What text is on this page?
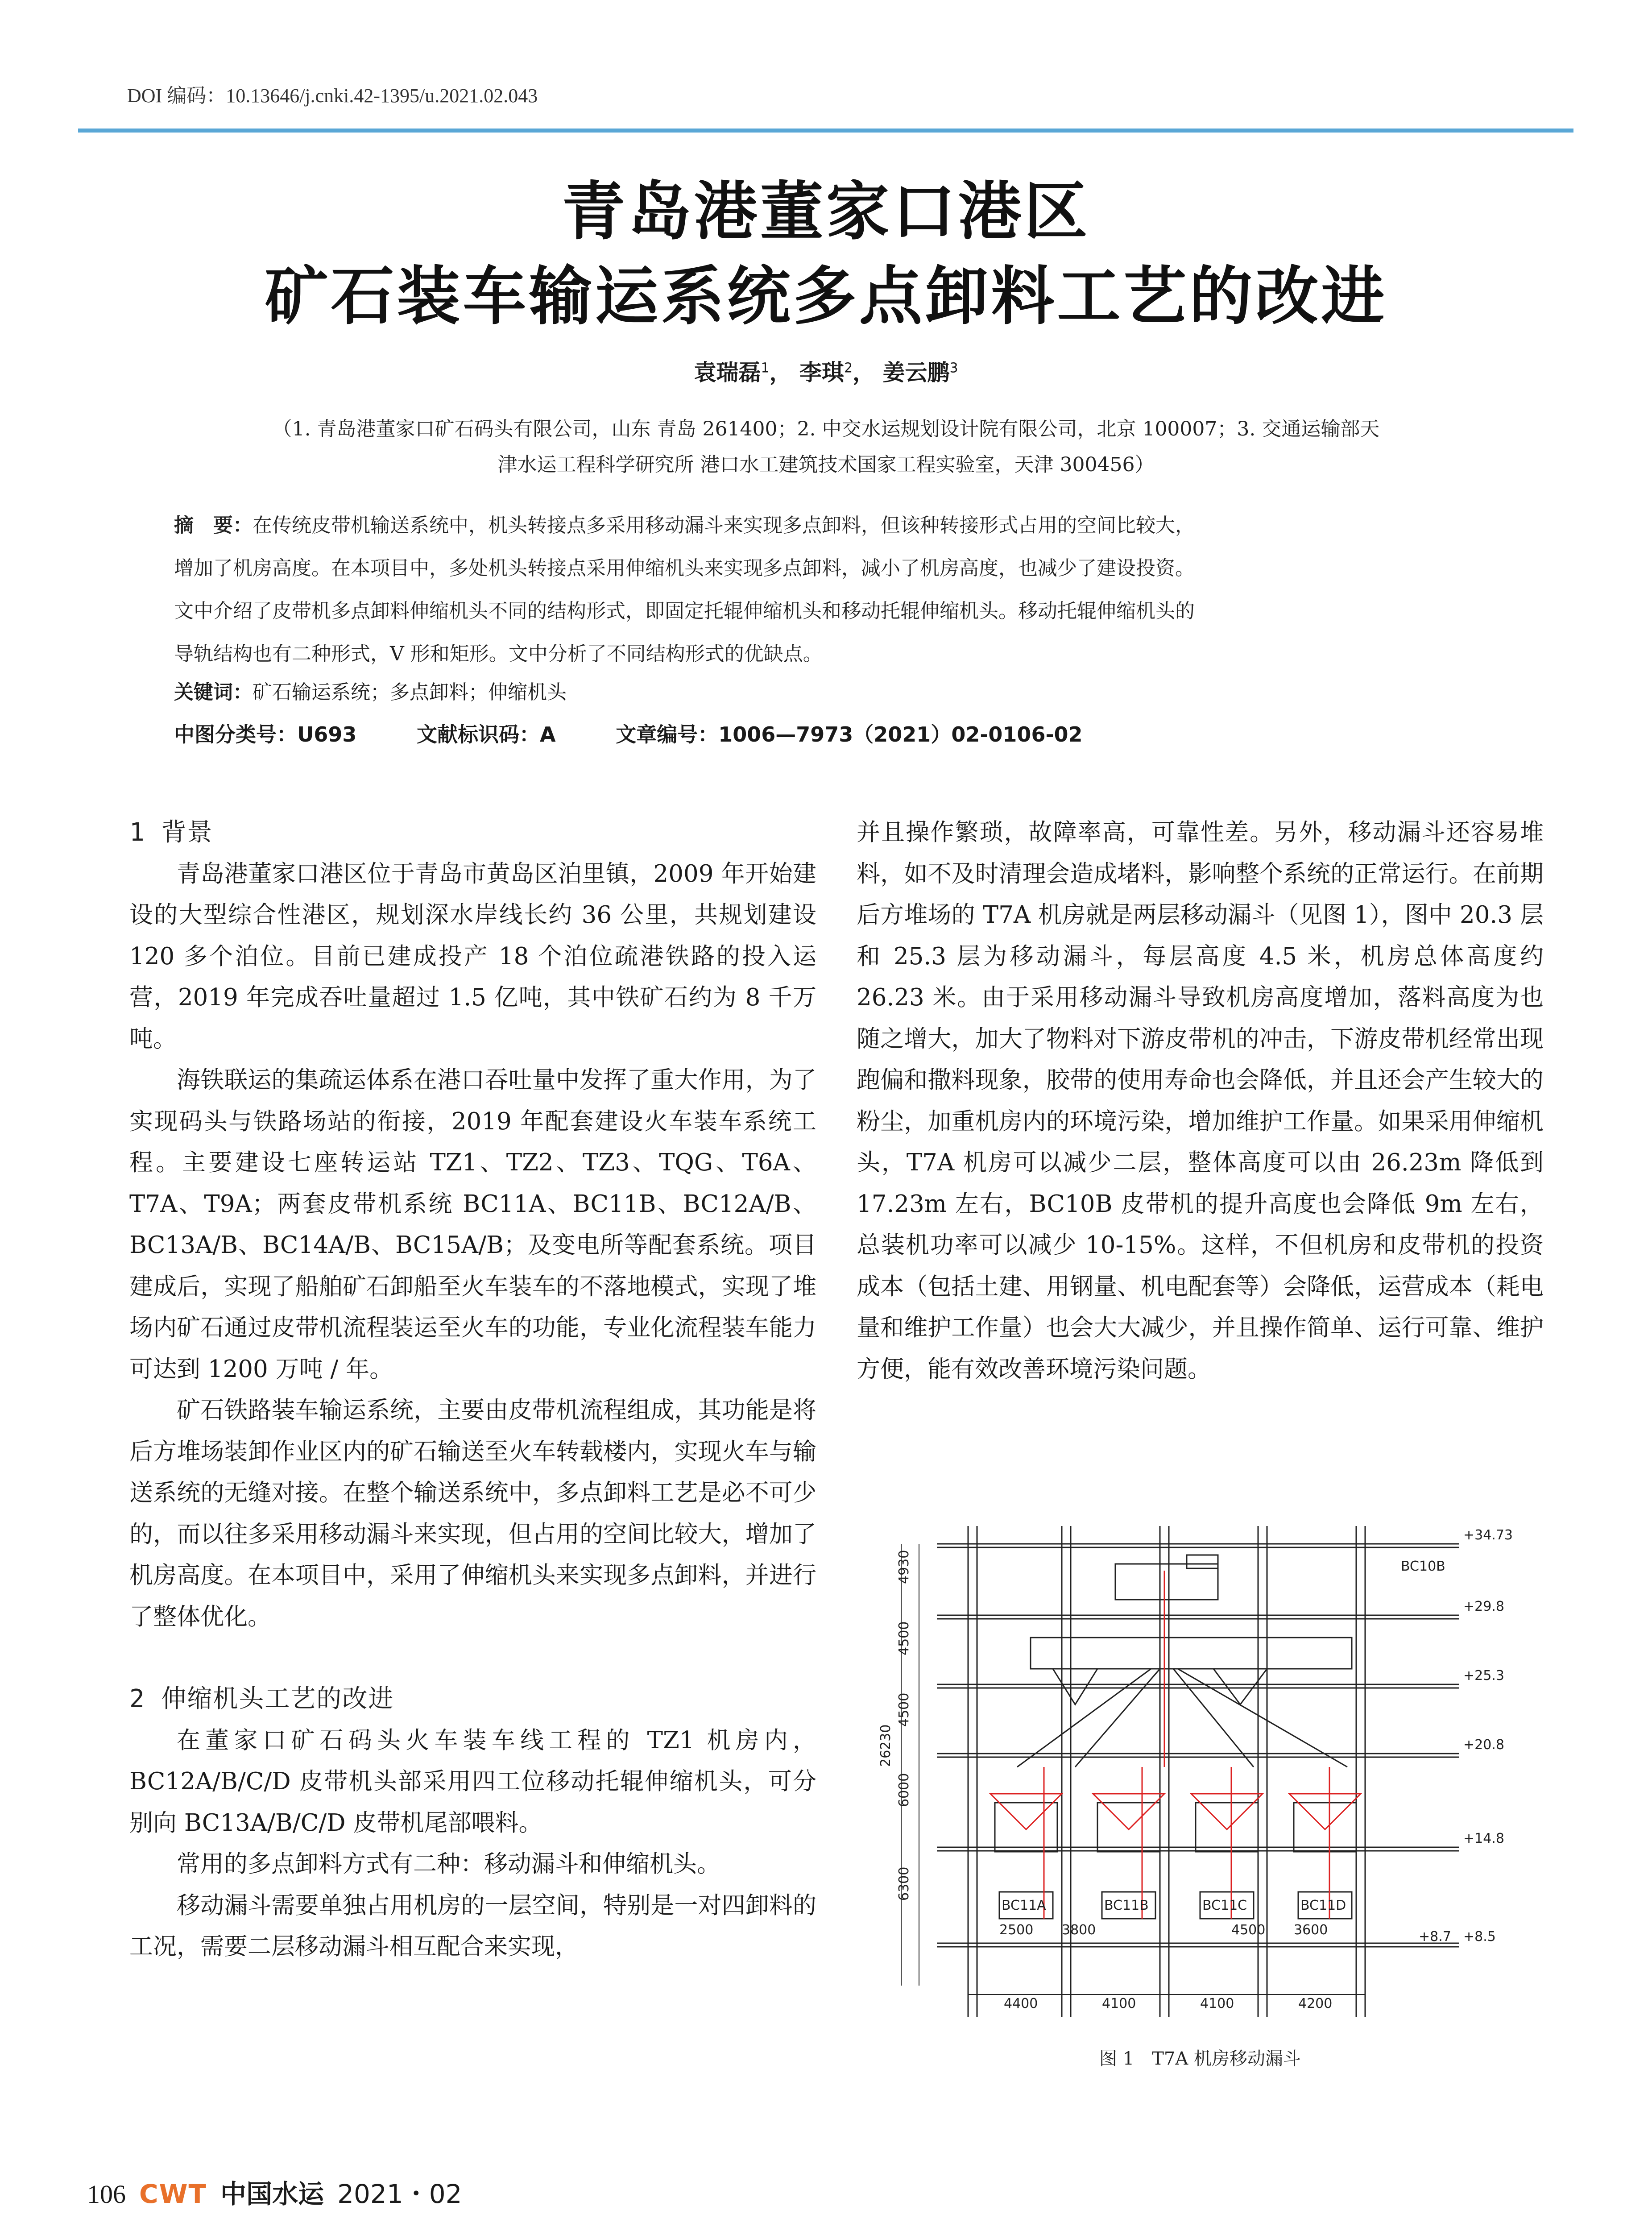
DOI 编码：10.13646/j.cnki.42-1395/u.2021.02.043
青岛港董家口港区
矿石装车输运系统多点卸料工艺的改进
袁瑞磊$^1$， 李琪$^2$， 姜云鹏$^3$
（1. 青岛港董家口矿石码头有限公司，山东 青岛 261400；2. 中交水运规划设计院有限公司，北京 100007；3. 交通运输部天
津水运工程科学研究所 港口水工建筑技术国家工程实验室，天津 300456）
摘　要：在传统皮带机输送系统中，机头转接点多采用移动漏斗来实现多点卸料，但该种转接形式占用的空间比较大，
增加了机房高度。在本项目中，多处机头转接点采用伸缩机头来实现多点卸料，减小了机房高度，也减少了建设投资。
文中介绍了皮带机多点卸料伸缩机头不同的结构形式，即固定托辊伸缩机头和移动托辊伸缩机头。移动托辊伸缩机头的
导轨结构也有二种形式，V 形和矩形。文中分析了不同结构形式的优缺点。
关键词：矿石输运系统；多点卸料；伸缩机头
中图分类号：U693	文献标识码：A	文章编号：1006—7973（2021）02-0106-02
1 背景

青岛港董家口港区位于青岛市黄岛区泊里镇，2009 年开始建设的大型综合性港区，规划深水岸线长约 36 公里，共规划建设 120 多个泊位。目前已建成投产 18 个泊位疏港铁路的投入运营，2019 年完成吞吐量超过 1.5 亿吨，其中铁矿石约为 8 千万吨。

海铁联运的集疏运体系在港口吞吐量中发挥了重大作用，为了实现码头与铁路场站的衔接，2019 年配套建设火车装车系统工程。主要建设七座转运站 TZ1、TZ2、TZ3、TQG、T6A、T7A、T9A；两套皮带机系统 BC11A、BC11B、BC12A/B、BC13A/B、BC14A/B、BC15A/B；及变电所等配套系统。项目建成后，实现了船舶矿石卸船至火车装车的不落地模式，实现了堆场内矿石通过皮带机流程装运至火车的功能，专业化流程装车能力可达到 1200 万吨 / 年。

矿石铁路装车输运系统，主要由皮带机流程组成，其功能是将后方堆场装卸作业区内的矿石输送至火车转载楼内，实现火车与输送系统的无缝对接。在整个输送系统中，多点卸料工艺是必不可少的，而以往多采用移动漏斗来实现，但占用的空间比较大，增加了机房高度。在本项目中，采用了伸缩机头来实现多点卸料，并进行了整体优化。

2 伸缩机头工艺的改进

在董家口矿石码头火车装车线工程的 TZ1 机房内，BC12A/B/C/D 皮带机头部采用四工位移动托辊伸缩机头，可分别向 BC13A/B/C/D 皮带机尾部喂料。

常用的多点卸料方式有二种：移动漏斗和伸缩机头。

移动漏斗需要单独占用机房的一层空间，特别是一对四卸料的工况，需要二层移动漏斗相互配合来实现，

并且操作繁琐，故障率高，可靠性差。另外，移动漏斗还容易堆料，如不及时清理会造成堵料，影响整个系统的正常运行。在前期后方堆场的 T7A 机房就是两层移动漏斗（见图 1），图中 20.3 层和 25.3 层为移动漏斗，每层高度 4.5 米，机房总体高度约 26.23 米。由于采用移动漏斗导致机房高度增加，落料高度为也随之增大，加大了物料对下游皮带机的冲击，下游皮带机经常出现跑偏和撒料现象，胶带的使用寿命也会降低，并且还会产生较大的粉尘，加重机房内的环境污染，增加维护工作量。如果采用伸缩机头，T7A 机房可以减少二层，整体高度可以由 26.23m 降低到 17.23m 左右，BC10B 皮带机的提升高度也会降低 9m 左右，总装机功率可以减少 10-15%。这样，不但机房和皮带机的投资成本（包括土建、用钢量、机电配套等）会降低，运营成本（耗电量和维护工作量）也会大大减少，并且操作简单、运行可靠、维护方便，能有效改善环境污染问题。

4930
4500
4500
6000
6300
26230
BC10B
+34.73
+29.8
+25.3
+20.8
+14.8
+8.7 +8.5
BC11A	BC11B	BC11C	BC11D
2500 3800	4500 3600
4400	4100	4100	4200
图 1　T7A 机房移动漏斗
106 CWT 中国水运 2021・02
